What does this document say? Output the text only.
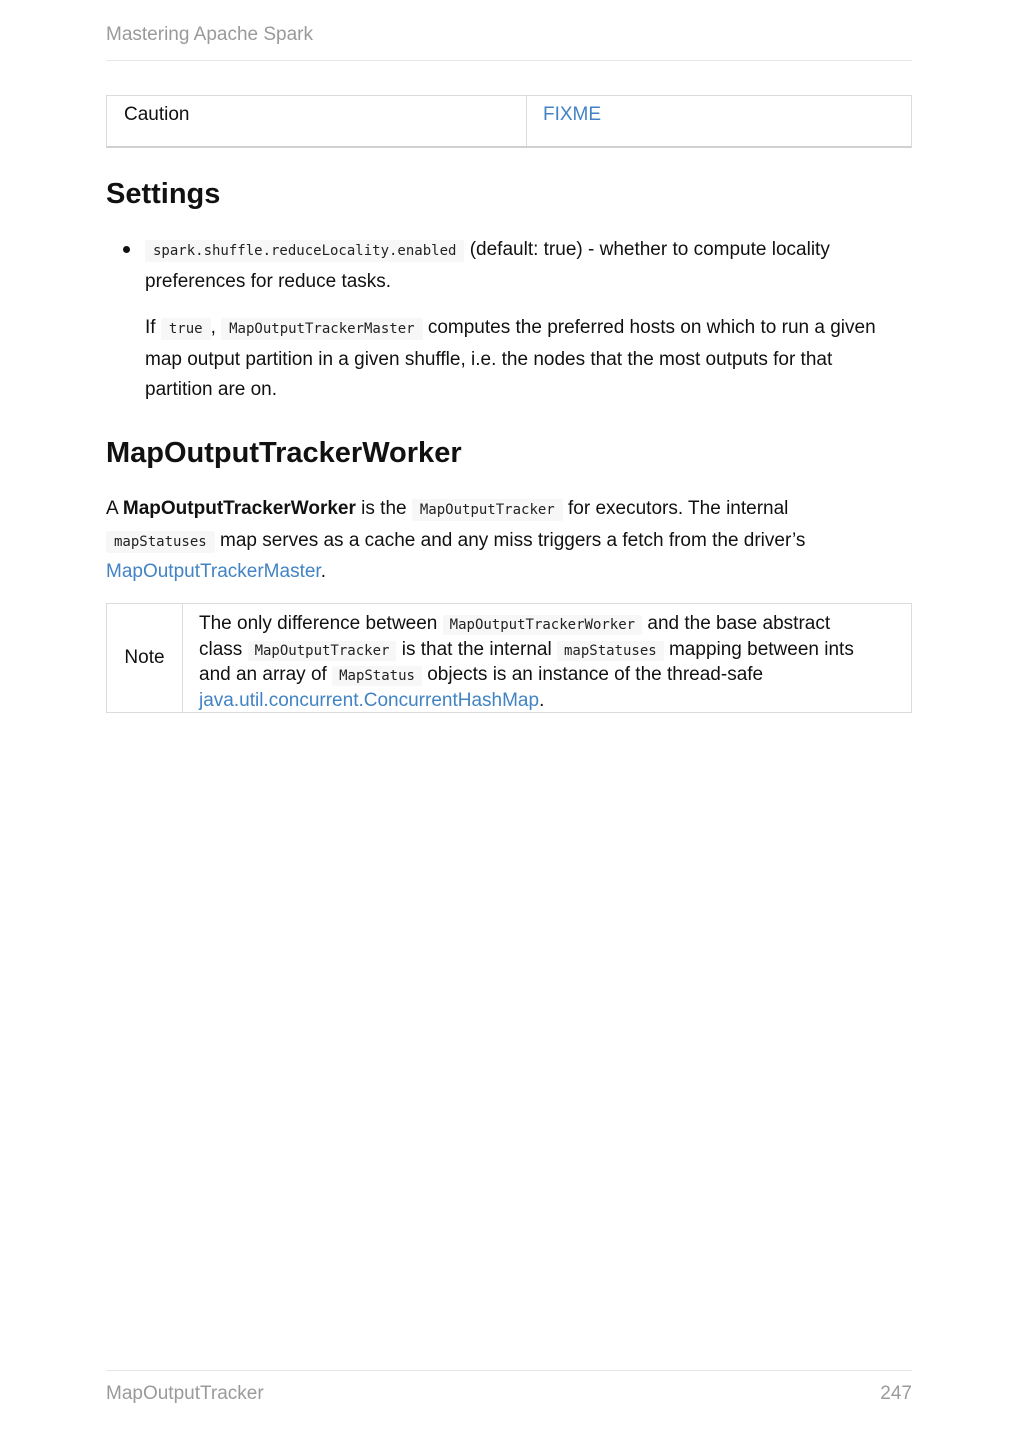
Mastering Apache Spark
Caution	FIXME
Settings
spark.shuffle.reduceLocality.enabled (default: true) - whether to compute locality
preferences for reduce tasks.
If true , MapOutputTrackerMaster computes the preferred hosts on which to run a given
map output partition in a given shuffle, i.e. the nodes that the most outputs for that
partition are on.
MapOutputTrackerWorker
A MapOutputTrackerWorker is the MapOutputTracker for executors. The internal
mapStatuses map serves as a cache and any miss triggers a fetch from the driver’s
MapOutputTrackerMaster.
Note
The only difference between MapOutputTrackerWorker and the base abstract
class MapOutputTracker is that the internal mapStatuses mapping between ints
and an array of MapStatus objects is an instance of the thread-safe
java.util.concurrent.ConcurrentHashMap.
MapOutputTracker	247
